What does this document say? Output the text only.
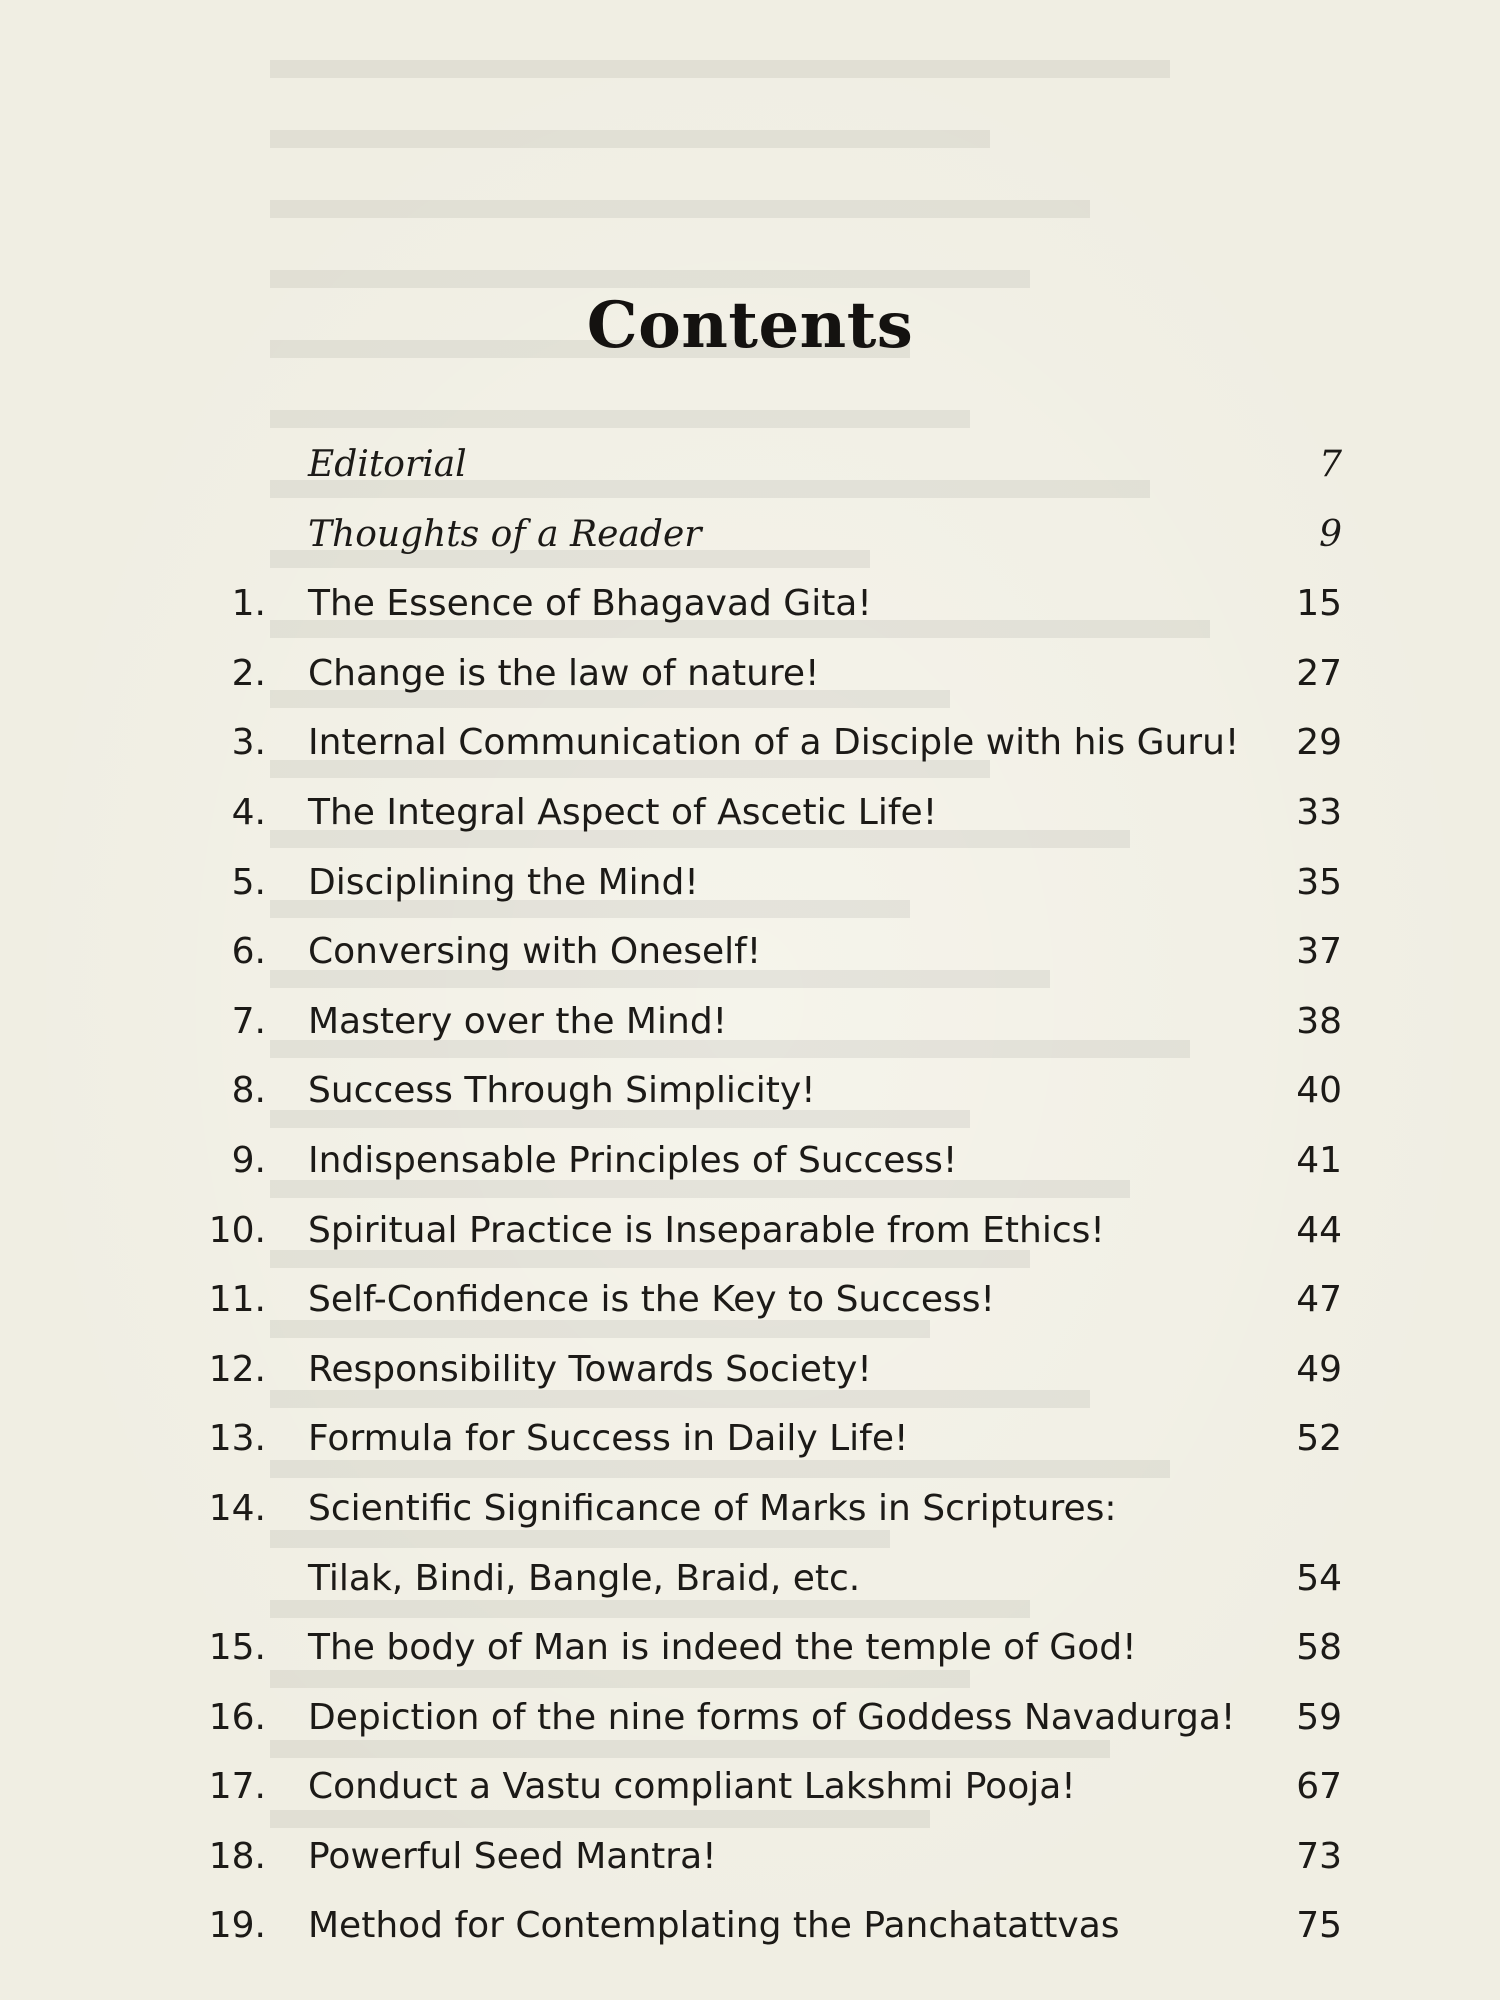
Contents
Editorial	7
Thoughts of a Reader	9
1. The Essence of Bhagavad Gita!	15
2. Change is the law of nature!	27
3. Internal Communication of a Disciple with his Guru! 29
4. The Integral Aspect of Ascetic Life!	33
5. Disciplining the Mind!	35
6. Conversing with Oneself!	37
7. Mastery over the Mind!	38
8. Success Through Simplicity!	40
9. Indispensable Principles of Success!	41
10. Spiritual Practice is Inseparable from Ethics!	44
11. Self-Confidence is the Key to Success!	47
12. Responsibility Towards Society!	49
13. Formula for Success in Daily Life!	52
14. Scientific Significance of Marks in Scriptures: Tilak, Bindi, Bangle, Braid, etc.	54
15. The body of Man is indeed the temple of God!	58
16. Depiction of the nine forms of Goddess Navadurga! 59
17. Conduct a Vastu compliant Lakshmi Pooja!	67
18. Powerful Seed Mantra!	73
19. Method for Contemplating the Panchatattvas	75
